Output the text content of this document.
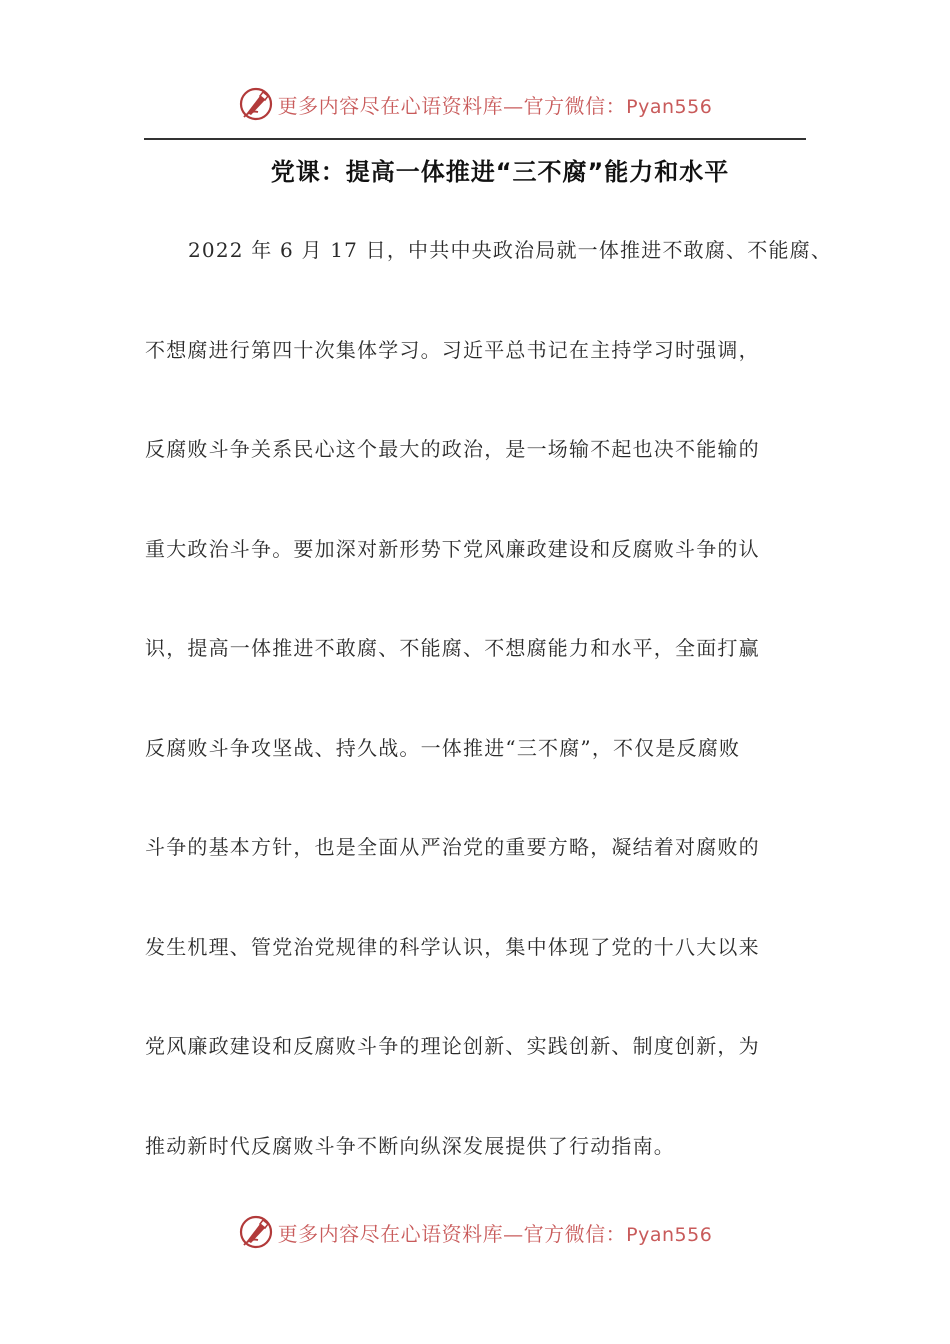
更多内容尽在心语资料库—官方微信：Pyan556
党课：提高一体推进“三不腐”能力和水平
2022 年 6 月 17 日，中共中央政治局就一体推进不敢腐、不能腐、
不想腐进行第四十次集体学习。习近平总书记在主持学习时强调，
反腐败斗争关系民心这个最大的政治，是一场输不起也决不能输的
重大政治斗争。要加深对新形势下党风廉政建设和反腐败斗争的认
识，提高一体推进不敢腐、不能腐、不想腐能力和水平，全面打赢
反腐败斗争攻坚战、持久战。一体推进“三不腐”，不仅是反腐败
斗争的基本方针，也是全面从严治党的重要方略，凝结着对腐败的
发生机理、管党治党规律的科学认识，集中体现了党的十八大以来
党风廉政建设和反腐败斗争的理论创新、实践创新、制度创新，为
推动新时代反腐败斗争不断向纵深发展提供了行动指南。
更多内容尽在心语资料库—官方微信：Pyan556
